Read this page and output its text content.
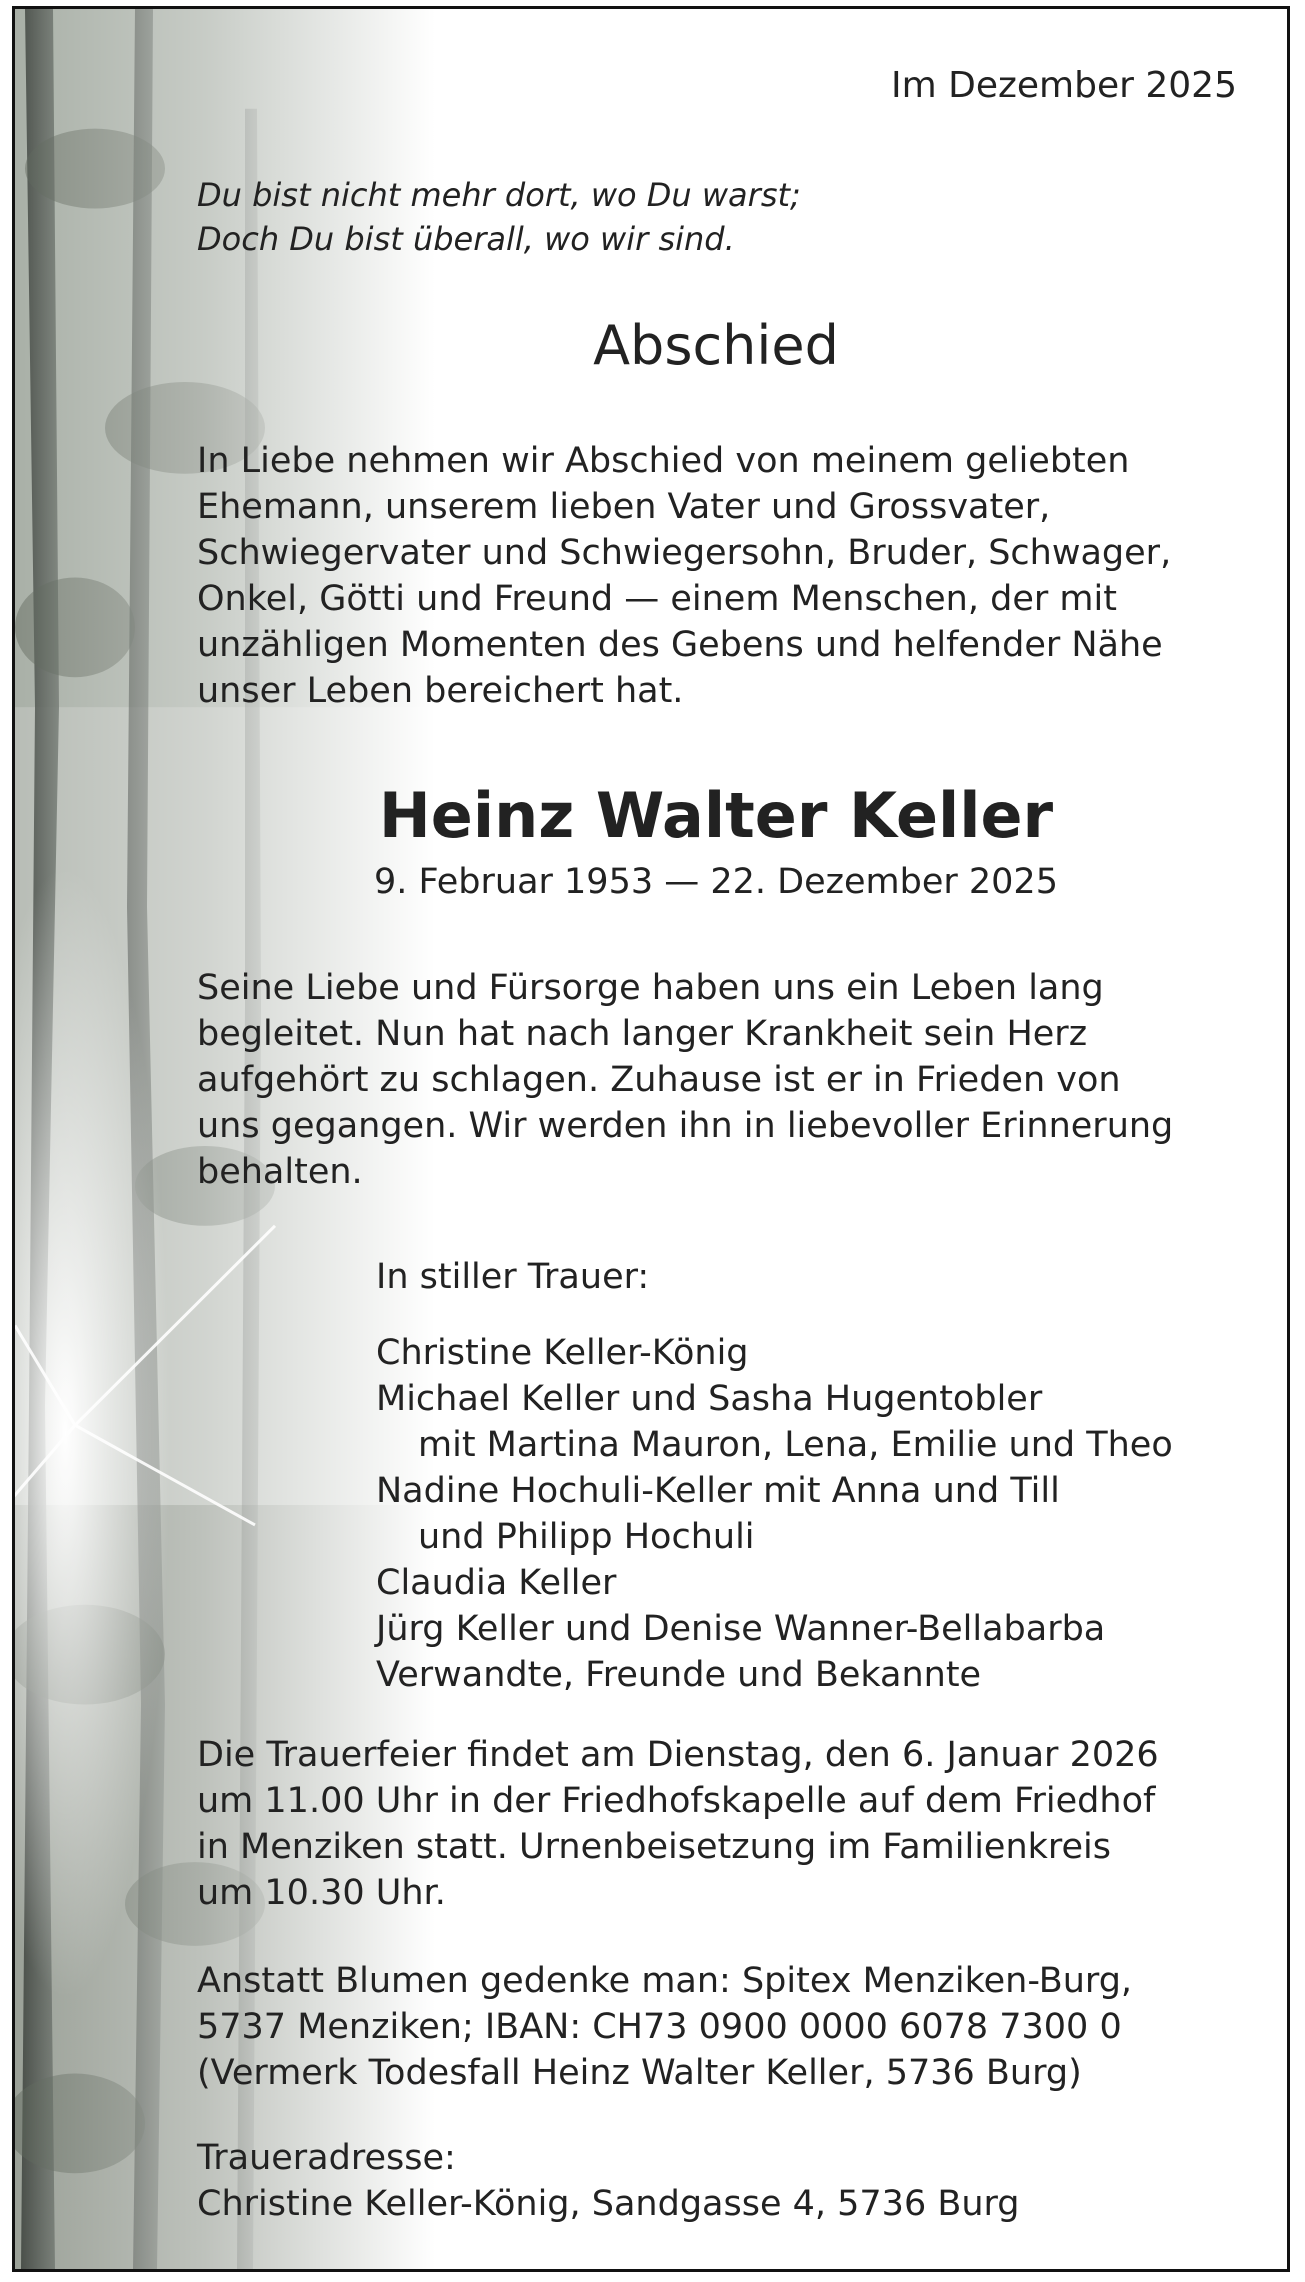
Im Dezember 2025
Du bist nicht mehr dort, wo Du warst;
Doch Du bist überall, wo wir sind.
Abschied
In Liebe nehmen wir Abschied von meinem geliebten
Ehemann, unserem lieben Vater und Grossvater,
Schwiegervater und Schwiegersohn, Bruder, Schwager,
Onkel, Götti und Freund — einem Menschen, der mit
unzähligen Momenten des Gebens und helfender Nähe
unser Leben bereichert hat.
Heinz Walter Keller
9. Februar 1953 — 22. Dezember 2025
Seine Liebe und Fürsorge haben uns ein Leben lang
begleitet. Nun hat nach langer Krankheit sein Herz
aufgehört zu schlagen. Zuhause ist er in Frieden von
uns gegangen. Wir werden ihn in liebevoller Erinnerung
behalten.
In stiller Trauer:
Christine Keller-König
Michael Keller und Sasha Hugentobler
mit Martina Mauron, Lena, Emilie und Theo
Nadine Hochuli-Keller mit Anna und Till
und Philipp Hochuli
Claudia Keller
Jürg Keller und Denise Wanner-Bellabarba
Verwandte, Freunde und Bekannte
Die Trauerfeier findet am Dienstag, den 6. Januar 2026
um 11.00 Uhr in der Friedhofskapelle auf dem Friedhof
in Menziken statt. Urnenbeisetzung im Familienkreis
um 10.30 Uhr.
Anstatt Blumen gedenke man: Spitex Menziken-Burg,
5737 Menziken; IBAN: CH73 0900 0000 6078 7300 0
(Vermerk Todesfall Heinz Walter Keller, 5736 Burg)
Traueradresse:
Christine Keller-König, Sandgasse 4, 5736 Burg
